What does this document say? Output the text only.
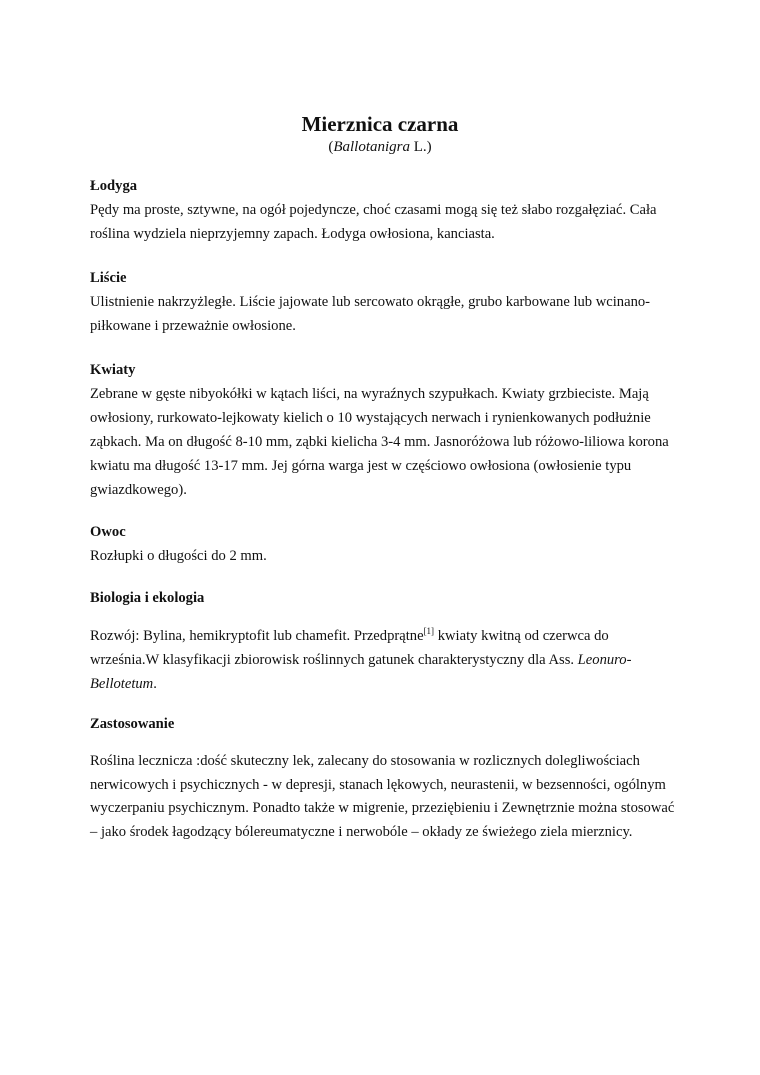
Mierznica czarna
(Ballotanigra L.)

Łodyga

Pędy ma proste, sztywne, na ogół pojedyncze, choć czasami mogą się też słabo rozgałęziać. Cała roślina wydziela nieprzyjemny zapach. Łodyga owłosiona, kanciasta.

Liście

Ulistnienie nakrzyżległe. Liście jajowate lub sercowato okrągłe, grubo karbowane lub wcinano-piłkowane i przeważnie owłosione.

Kwiaty

Zebrane w gęste nibyokółki w kątach liści, na wyraźnych szypułkach. Kwiaty grzbieciste. Mają owłosiony, rurkowato-lejkowaty kielich o 10 wystających nerwach i rynienkowanych podłużnie ząbkach. Ma on długość 8-10 mm, ząbki kielicha 3-4 mm. Jasnoróżowa lub różowo-liliowa korona kwiatu ma długość 13-17 mm. Jej górna warga jest w częściowo owłosiona (owłosienie typu gwiazdkowego).

Owoc

Rozłupki o długości do 2 mm.

Biologia i ekologia

Rozwój: Bylina, hemikryptofit lub chamefit. Przedprątne[1] kwiaty kwitną od czerwca do września.W klasyfikacji zbiorowisk roślinnych gatunek charakterystyczny dla Ass. Leonuro-Bellotetum.

Zastosowanie

Roślina lecznicza :dość skuteczny lek, zalecany do stosowania w rozlicznych dolegliwościach nerwicowych i psychicznych - w depresji, stanach lękowych, neurastenii, w bezsenności, ogólnym wyczerpaniu psychicznym. Ponadto także w migrenie, przeziębieniu i Zewnętrznie można stosować – jako środek łagodzący bólereumatyczne i nerwobóle – okłady ze świeżego ziela mierznicy.
